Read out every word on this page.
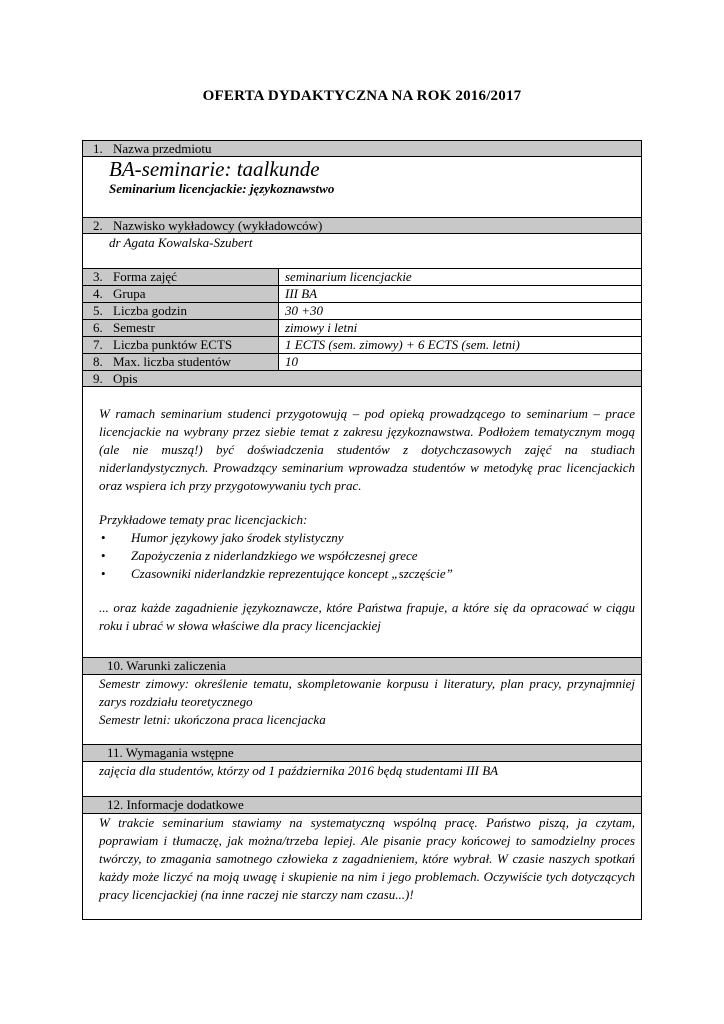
OFERTA DYDAKTYCZNA NA ROK 2016/2017
1. Nazwa przedmiotu
BA-seminarie: taalkunde
Seminarium licencjackie: językoznawstwo
2. Nazwisko wykładowcy (wykładowców)
dr Agata Kowalska-Szubert
3. Forma zajęć	seminarium licencjackie
4. Grupa	III BA
5. Liczba godzin	30 +30
6. Semestr	zimowy i letni
7. Liczba punktów ECTS	1 ECTS (sem. zimowy) + 6 ECTS (sem. letni)
8. Max. liczba studentów	10
9. Opis

W ramach seminarium studenci przygotowują – pod opieką prowadzącego to seminarium – prace licencjackie na wybrany przez siebie temat z zakresu językoznawstwa. Podłożem tematycznym mogą (ale nie muszą!) być doświadczenia studentów z dotychczasowych zajęć na studiach niderlandystycznych. Prowadzący seminarium wprowadza studentów w metodykę prac licencjackich oraz wspiera ich przy przygotowywaniu tych prac.

Przykładowe tematy prac licencjackich:

• Humor językowy jako środek stylistyczny
• Zapożyczenia z niderlandzkiego we współczesnej grece
• Czasowniki niderlandzkie reprezentujące koncept „szczęście”

... oraz każde zagadnienie językoznawcze, które Państwa frapuje, a które się da opracować w ciągu roku i ubrać w słowa właściwe dla pracy licencjackiej

10. Warunki zaliczenia

Semestr zimowy: określenie tematu, skompletowanie korpusu i literatury, plan pracy, przynajmniej zarys rozdziału teoretycznego

Semestr letni: ukończona praca licencjacka

11. Wymagania wstępne
zajęcia dla studentów, którzy od 1 października 2016 będą studentami III BA
12. Informacje dodatkowe
W trakcie seminarium stawiamy na systematyczną wspólną pracę. Państwo piszą, ja czytam, poprawiam i tłumaczę, jak można/trzeba lepiej. Ale pisanie pracy końcowej to samodzielny proces twórczy, to zmagania samotnego człowieka z zagadnieniem, które wybrał. W czasie naszych spotkań każdy może liczyć na moją uwagę i skupienie na nim i jego problemach. Oczywiście tych dotyczących pracy licencjackiej (na inne raczej nie starczy nam czasu...)!
